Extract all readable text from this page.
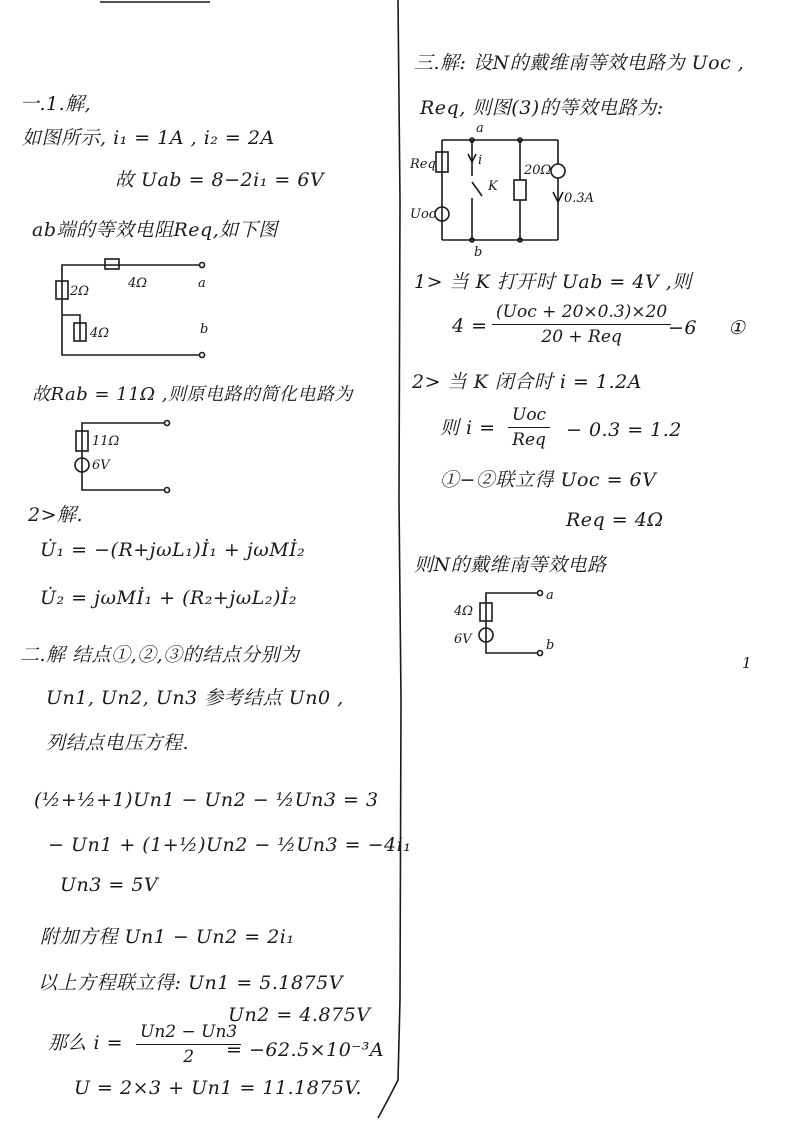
一.1.解,
如图所示, i₁ = 1A , i₂ = 2A
故 Uab = 8−2i₁ = 6V
ab端的等效电阻Req,如下图
2Ω
4Ω
4Ω
a
b
故Rab = 11Ω ,则原电路的简化电路为
11Ω
6V
2>解.
U̇₁ = −(R+jωL₁)İ₁ + jωMİ₂
U̇₂ = jωMİ₁ + (R₂+jωL₂)İ₂
二.解 结点①,②,③的结点分别为
Un1, Un2, Un3 参考结点 Un0 ,
列结点电压方程.
(½+½+1)Un1 − Un2 − ½Un3 = 3
− Un1 + (1+½)Un2 − ½Un3 = −4i₁
Un3 = 5V
附加方程 Un1 − Un2 = 2i₁
以上方程联立得: Un1 = 5.1875V
Un2 = 4.875V
那么 $i = \frac{Un2 - Un3}{2}$
= −62.5×10⁻³A
U = 2×3 + Un1 = 11.1875V.
三.解: 设N的戴维南等效电路为 Uoc ,
Req, 则图(3)的等效电路为:
a
b
Req
Uoc
i
K
20Ω
0.3A
1> 当 K 打开时 Uab = 4V ,则
4 =
(Uoc + 20×0.3)×20
20 + Req	−6 ①
2> 当 K 闭合时 i = 1.2A
则 i =
Uoc
Req − 0.3 = 1.2
①−②联立得 Uoc = 6V
Req = 4Ω
则N的戴维南等效电路
4Ω
6V
a
b
1
